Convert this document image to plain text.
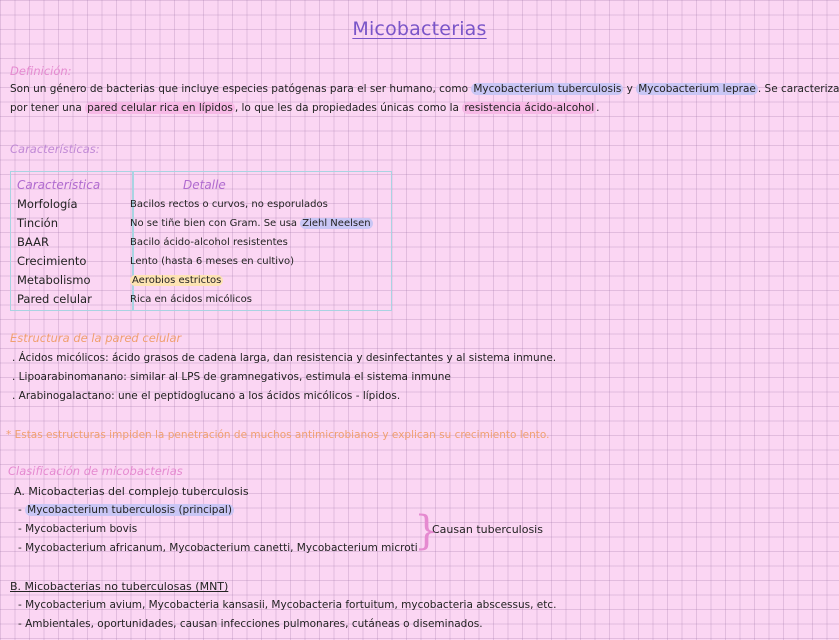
Micobacterias
Definición:
Son un género de bacterias que incluye especies patógenas para el ser humano, como Mycobacterium tuberculosis y Mycobacterium leprae . Se caracteriza
por tener una pared celular rica en lípidos , lo que les da propiedades únicas como la resistencia ácido-alcohol .
Características:
Característica	Detalle
Morfología	Bacilos rectos o curvos, no esporulados
Tinción	No se tiñe bien con Gram. Se usa Ziehl Neelsen
BAAR	Bacilo ácido-alcohol resistentes
Crecimiento	Lento (hasta 6 meses en cultivo)
Metabolismo	Aerobios estrictos
Pared celular	Rica en ácidos micólicos
Estructura de la pared celular
. Ácidos micólicos: ácido grasos de cadena larga, dan resistencia y desinfectantes y al sistema inmune.
. Lipoarabinomanano: similar al LPS de gramnegativos, estimula el sistema inmune
. Arabinogalactano: une el peptidoglucano a los ácidos micólicos - lípidos.
* Estas estructuras impiden la penetración de muchos antimicrobianos y explican su crecimiento lento.
Clasificación de micobacterias
A. Micobacterias del complejo tuberculosis
- Mycobacterium tuberculosis (principal)
- Mycobacterium bovis
- Mycobacterium africanum, Mycobacterium canetti, Mycobacterium microti
}
Causan tuberculosis
B. Micobacterias no tuberculosas (MNT)
- Mycobacterium avium, Mycobacteria kansasii, Mycobacteria fortuitum, mycobacteria abscessus, etc.
- Ambientales, oportunidades, causan infecciones pulmonares, cutáneas o diseminados.
